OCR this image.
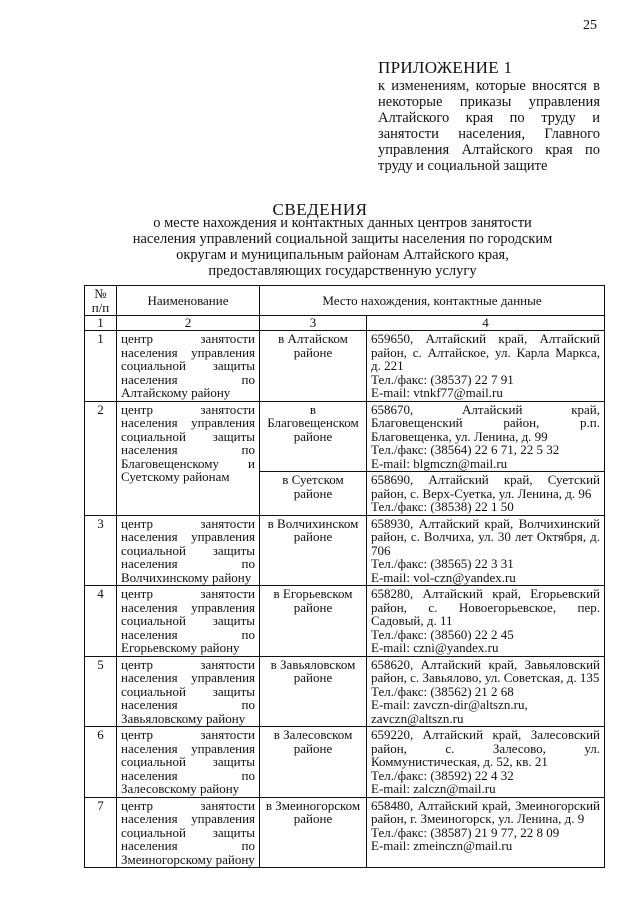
25
ПРИЛОЖЕНИЕ 1
к изменениям, которые вносятся в некоторые приказы управления Алтайского края по труду и занятости населения, Главного управления Алтайского края по труду и социальной защите
СВЕДЕНИЯ
о месте нахождения и контактных данных центров занятости населения управлений социальной защиты населения по городским округам и муниципальным районам Алтайского края, предоставляющих государственную услугу
№ п/п	Наименование	Место нахождения, контактные данные	
1	2	3	4
1	центр занятости населения управления социальной защиты населения по Алтайскому району	в Алтайском районе	659650, Алтайский край, Алтайский район, с. Алтайское, ул. Карла Маркса, д. 221
Тел./факс: (38537) 22 7 91
E-mail: vtnkf77@mail.ru

2	центр занятости населения управления социальной защиты населения по Благовещенскому и Суетскому районам	в Благовещенском районе	658670, Алтайский край, Благовещенский район, р.п. Благовещенка, ул. Ленина, д. 99
Тел./факс: (38564) 22 6 71, 22 5 32
E-mail: blgmczn@mail.ru

		в Суетском районе	658690, Алтайский край, Суетский район, с. Верх-Суетка, ул. Ленина, д. 96
Тел./факс: (38538) 22 1 50

3	центр занятости населения управления социальной защиты населения по Волчихинскому району	в Волчихинском районе	658930, Алтайский край, Волчихинский район, с. Волчиха, ул. 30 лет Октября, д. 706
Тел./факс: (38565) 22 3 31
E-mail: vol-czn@yandex.ru

4	центр занятости населения управления социальной защиты населения по Егорьевскому району	в Егорьевском районе	658280, Алтайский край, Егорьевский район, с. Новоегорьевское, пер. Садовый, д. 11
Тел./факс: (38560) 22 2 45
E-mail: czni@yandex.ru

5	центр занятости населения управления социальной защиты населения по Завьяловскому району	в Завьяловском районе	658620, Алтайский край, Завьяловский район, с. Завьялово, ул. Советская, д. 135
Тел./факс: (38562) 21 2 68
E-mail: zavczn-dir@altszn.ru,
zavczn@altszn.ru

6	центр занятости населения управления социальной защиты населения по Залесовскому району	в Залесовском районе	659220, Алтайский край, Залесовский район, с. Залесово, ул. Коммунистическая, д. 52, кв. 21
Тел./факс: (38592) 22 4 32
E-mail: zalczn@mail.ru

7	центр занятости населения управления социальной защиты населения по Змеиногорскому району	в Змеиногорском районе	658480, Алтайский край, Змеиногорский район, г. Змеиногорск, ул. Ленина, д. 9
Тел./факс: (38587) 21 9 77, 22 8 09
E-mail: zmeinczn@mail.ru
